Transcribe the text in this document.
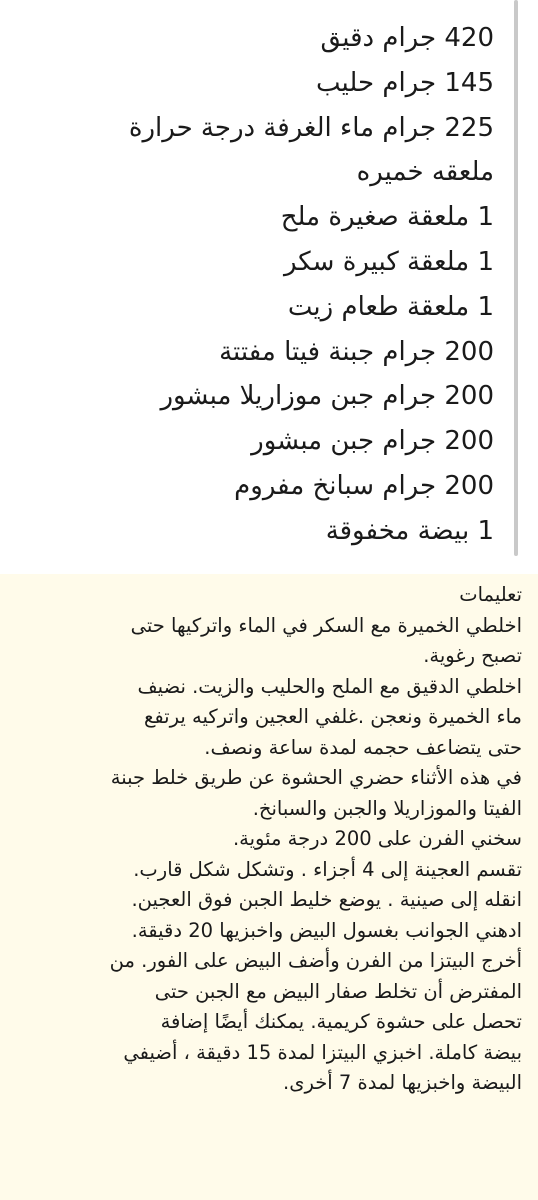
420 جرام دقيق
145 جرام حليب
225 جرام ماء الغرفة درجة حرارة
ملعقه خميره
1 ملعقة صغيرة ملح
1 ملعقة كبيرة سكر
1 ملعقة طعام زيت
200 جرام جبنة فيتا مفتتة
200 جرام جبن موزاريلا مبشور
200 جرام جبن مبشور
200 جرام سبانخ مفروم
1 بيضة مخفوقة
تعليمات
اخلطي الخميرة مع السكر في الماء واتركيها حتى
تصبح رغوية.
اخلطي الدقيق مع الملح والحليب والزيت. نضيف
ماء الخميرة ونعجن .غلفي العجين واتركيه يرتفع
حتى يتضاعف حجمه لمدة ساعة ونصف.
في هذه الأثناء حضري الحشوة عن طريق خلط جبنة
الفيتا والموزاريلا والجبن والسبانخ.
سخني الفرن على 200 درجة مئوية.
تقسم العجينة إلى 4 أجزاء . وتشكل شكل قارب.
انقله إلى صينية . يوضع خليط الجبن فوق العجين.
ادهني الجوانب بغسول البيض واخبزيها 20 دقيقة.
أخرج البيتزا من الفرن وأضف البيض على الفور. من
المفترض أن تخلط صفار البيض مع الجبن حتى
تحصل على حشوة كريمية. يمكنك أيضًا إضافة
بيضة كاملة. اخبزي البيتزا لمدة 15 دقيقة ، أضيفي
البيضة واخبزيها لمدة 7 أخرى.
